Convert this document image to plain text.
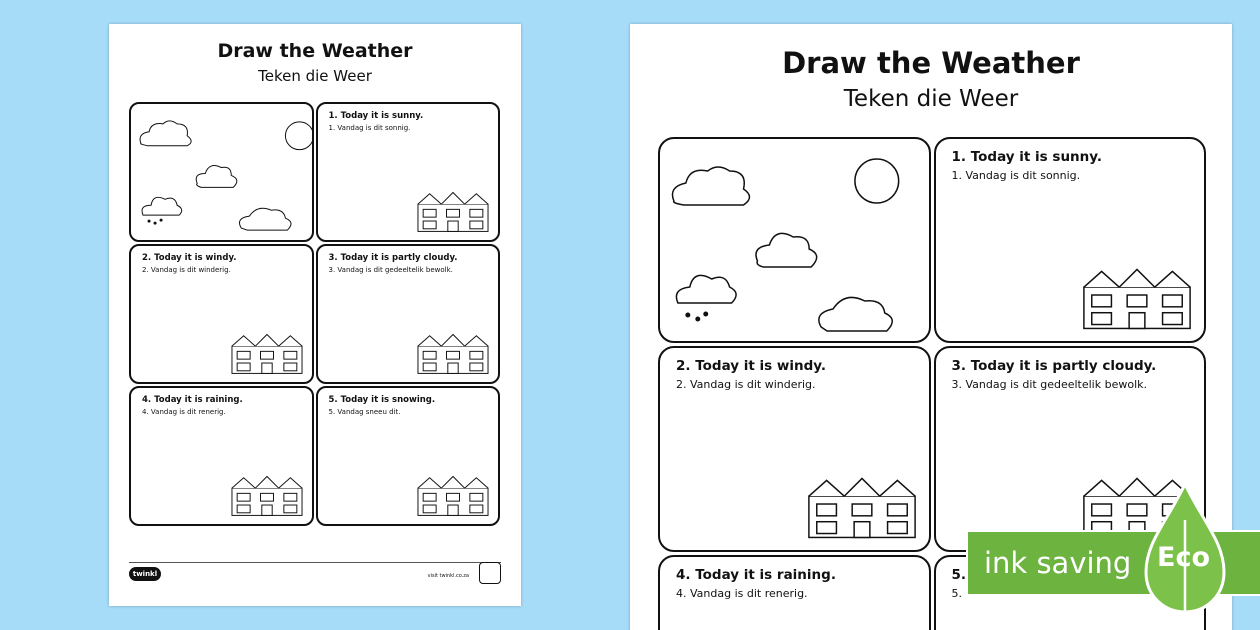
Draw the Weather
Teken die Weer
1. Today it is sunny.
1. Vandag is dit sonnig.
2. Today it is windy.
2. Vandag is dit winderig.
3. Today it is partly cloudy.
3. Vandag is dit gedeeltelik bewolk.
4. Today it is raining.
4. Vandag is dit renerig.
5. Today it is snowing.
5. Vandag sneeu dit.
twinkl	visit twinkl.co.za
Draw the Weather
Teken die Weer
1. Today it is sunny.
1. Vandag is dit sonnig.
2. Today it is windy.
2. Vandag is dit winderig.
3. Today it is partly cloudy.
3. Vandag is dit gedeeltelik bewolk.
4. Today it is raining.
4. Vandag is dit renerig.
5.
5.
ink saving Eco
